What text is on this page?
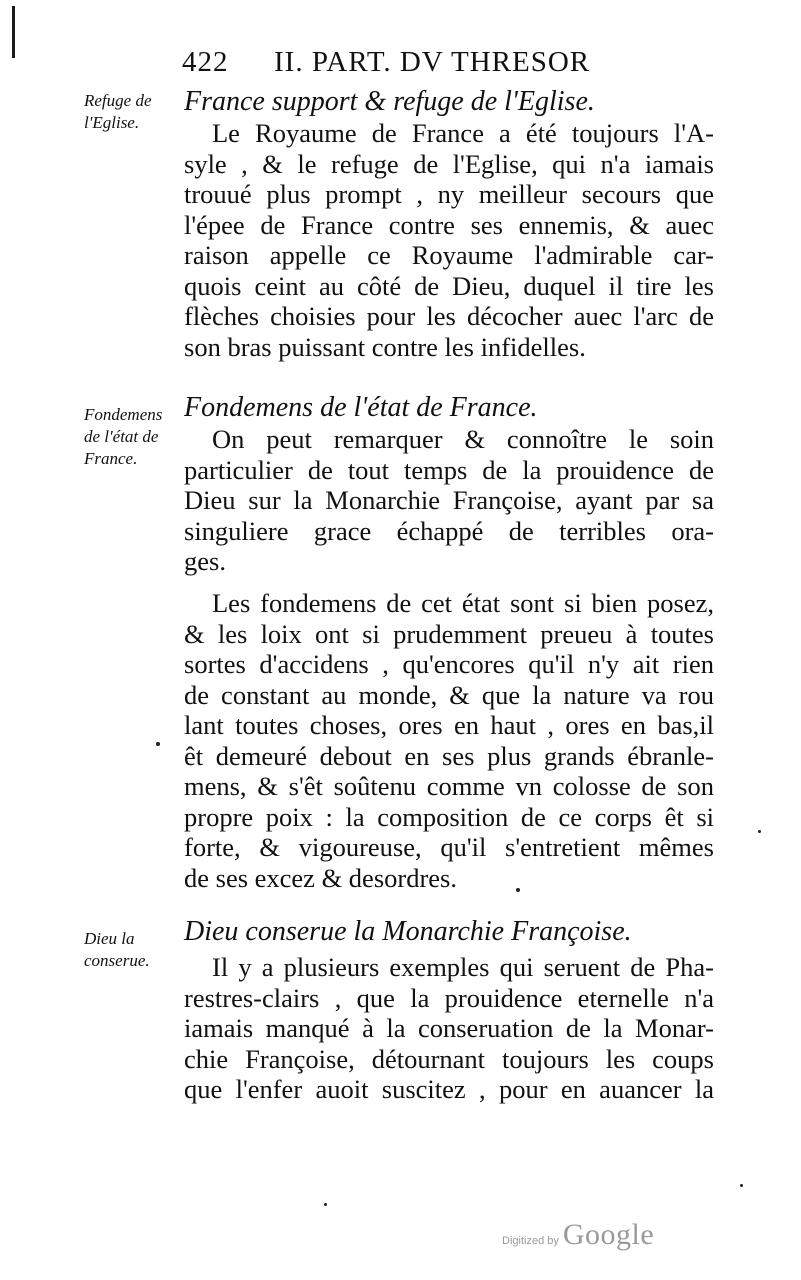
422 II. PART. DV THRESOR
Refuge de
l'Eglise.
France support & refuge de l'Eglise.
Le Royaume de France a été toujours l'A-
syle , & le refuge de l'Eglise, qui n'a iamais
trouué plus prompt , ny meilleur secours que
l'épee de France contre ses ennemis, & auec
raison appelle ce Royaume l'admirable car-
quois ceint au côté de Dieu, duquel il tire les
flèches choisies pour les décocher auec l'arc de
son bras puissant contre les infidelles.
Fondemens
de l'état de
France.
Fondemens de l'état de France.
On peut remarquer & connoître le soin
particulier de tout temps de la prouidence de
Dieu sur la Monarchie Françoise, ayant par sa
singuliere grace échappé de terribles ora-
ges.
Les fondemens de cet état sont si bien posez,
& les loix ont si prudemment preueu à toutes
sortes d'accidens , qu'encores qu'il n'y ait rien
de constant au monde, & que la nature va rou
lant toutes choses, ores en haut , ores en bas,il
êt demeuré debout en ses plus grands ébranle-
mens, & s'êt soûtenu comme vn colosse de son
propre poix : la composition de ce corps êt si
forte, & vigoureuse, qu'il s'entretient mêmes
de ses excez & desordres.
Dieu la
conserue.
Dieu conserue la Monarchie Françoise.
Il y a plusieurs exemples qui seruent de Pha-
restres-clairs , que la prouidence eternelle n'a
iamais manqué à la conseruation de la Monar-
chie Françoise, détournant toujours les coups
que l'enfer auoit suscitez , pour en auancer la
Digitized by Google
